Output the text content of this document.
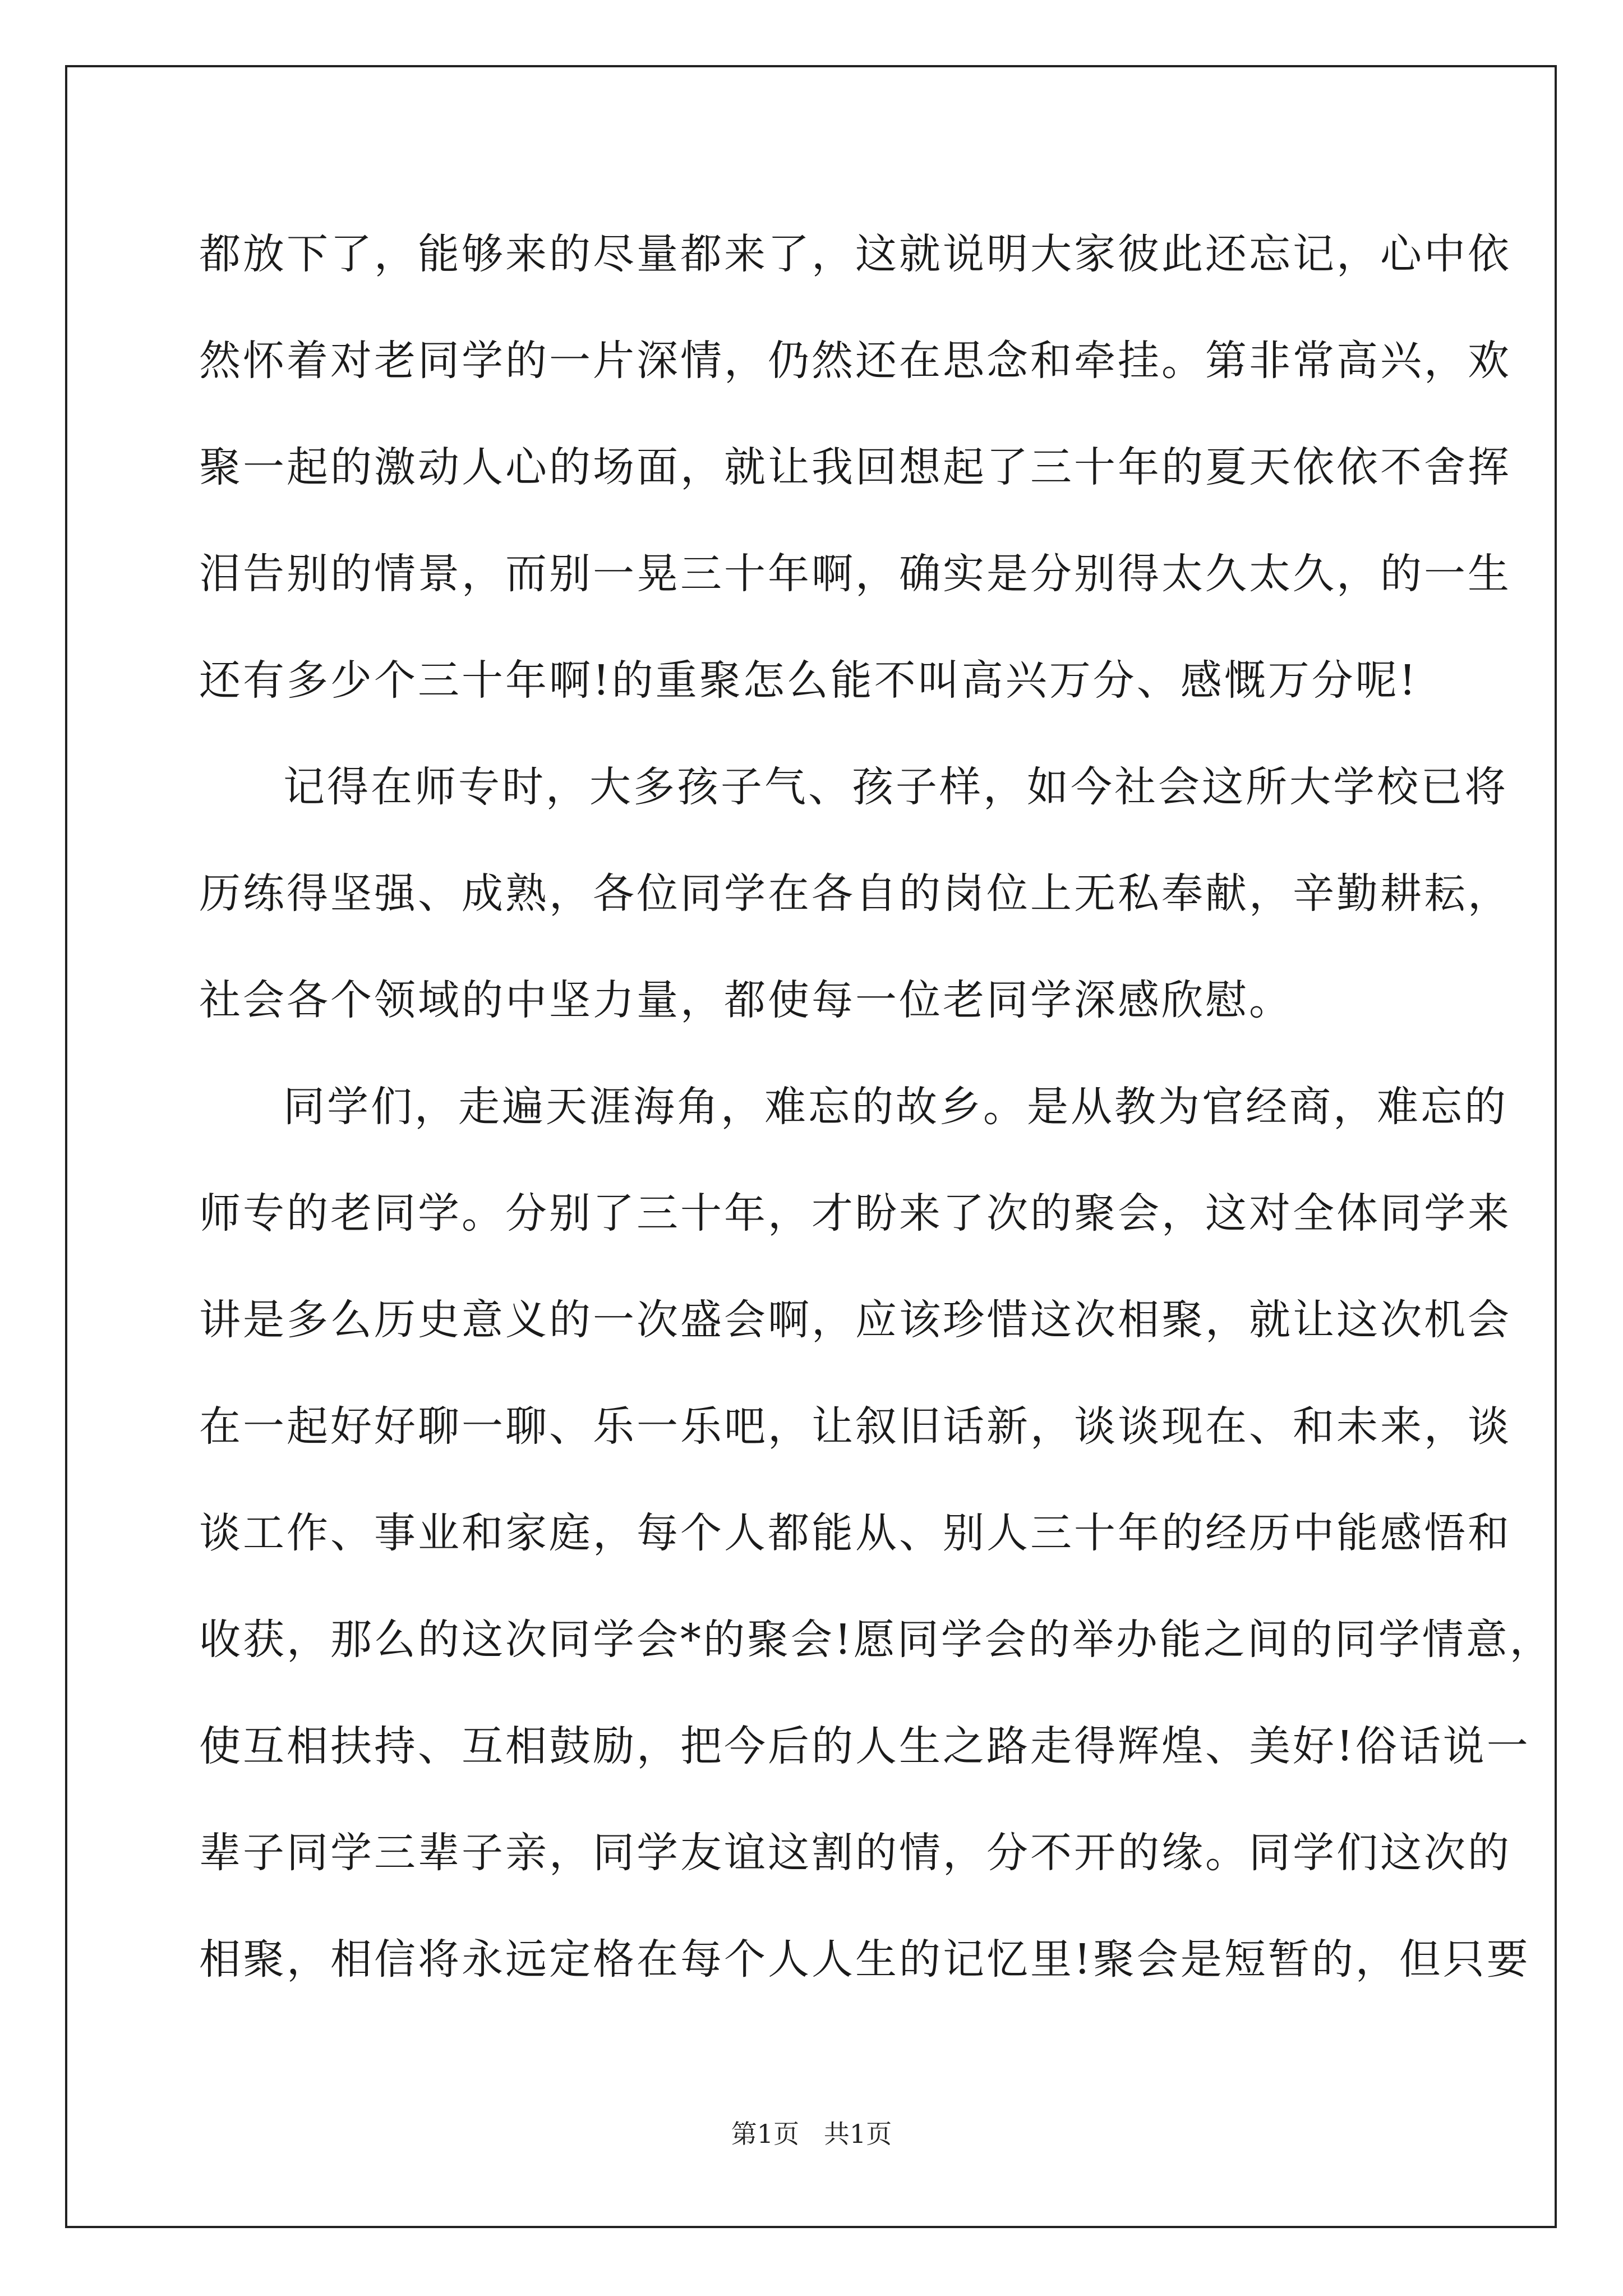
都放下了，能够来的尽量都来了，这就说明大家彼此还忘记，心中依
然怀着对老同学的一片深情，仍然还在思念和牵挂。第非常高兴，欢
聚一起的激动人心的场面，就让我回想起了三十年的夏天依依不舍挥
泪告别的情景，而别一晃三十年啊，确实是分别得太久太久，的一生
还有多少个三十年啊!的重聚怎么能不叫高兴万分、感慨万分呢!
记得在师专时，大多孩子气、孩子样，如今社会这所大学校已将
历练得坚强、成熟，各位同学在各自的岗位上无私奉献，辛勤耕耘，
社会各个领域的中坚力量，都使每一位老同学深感欣慰。
同学们，走遍天涯海角，难忘的故乡。是从教为官经商，难忘的
师专的老同学。分别了三十年，才盼来了次的聚会，这对全体同学来
讲是多么历史意义的一次盛会啊，应该珍惜这次相聚，就让这次机会
在一起好好聊一聊、乐一乐吧，让叙旧话新，谈谈现在、和未来，谈
谈工作、事业和家庭，每个人都能从、别人三十年的经历中能感悟和
收获，那么的这次同学会*的聚会!愿同学会的举办能之间的同学情意，
使互相扶持、互相鼓励，把今后的人生之路走得辉煌、美好!俗话说一
辈子同学三辈子亲，同学友谊这割的情，分不开的缘。同学们这次的
相聚，相信将永远定格在每个人人生的记忆里!聚会是短暂的，但只要
第1页   共1页
